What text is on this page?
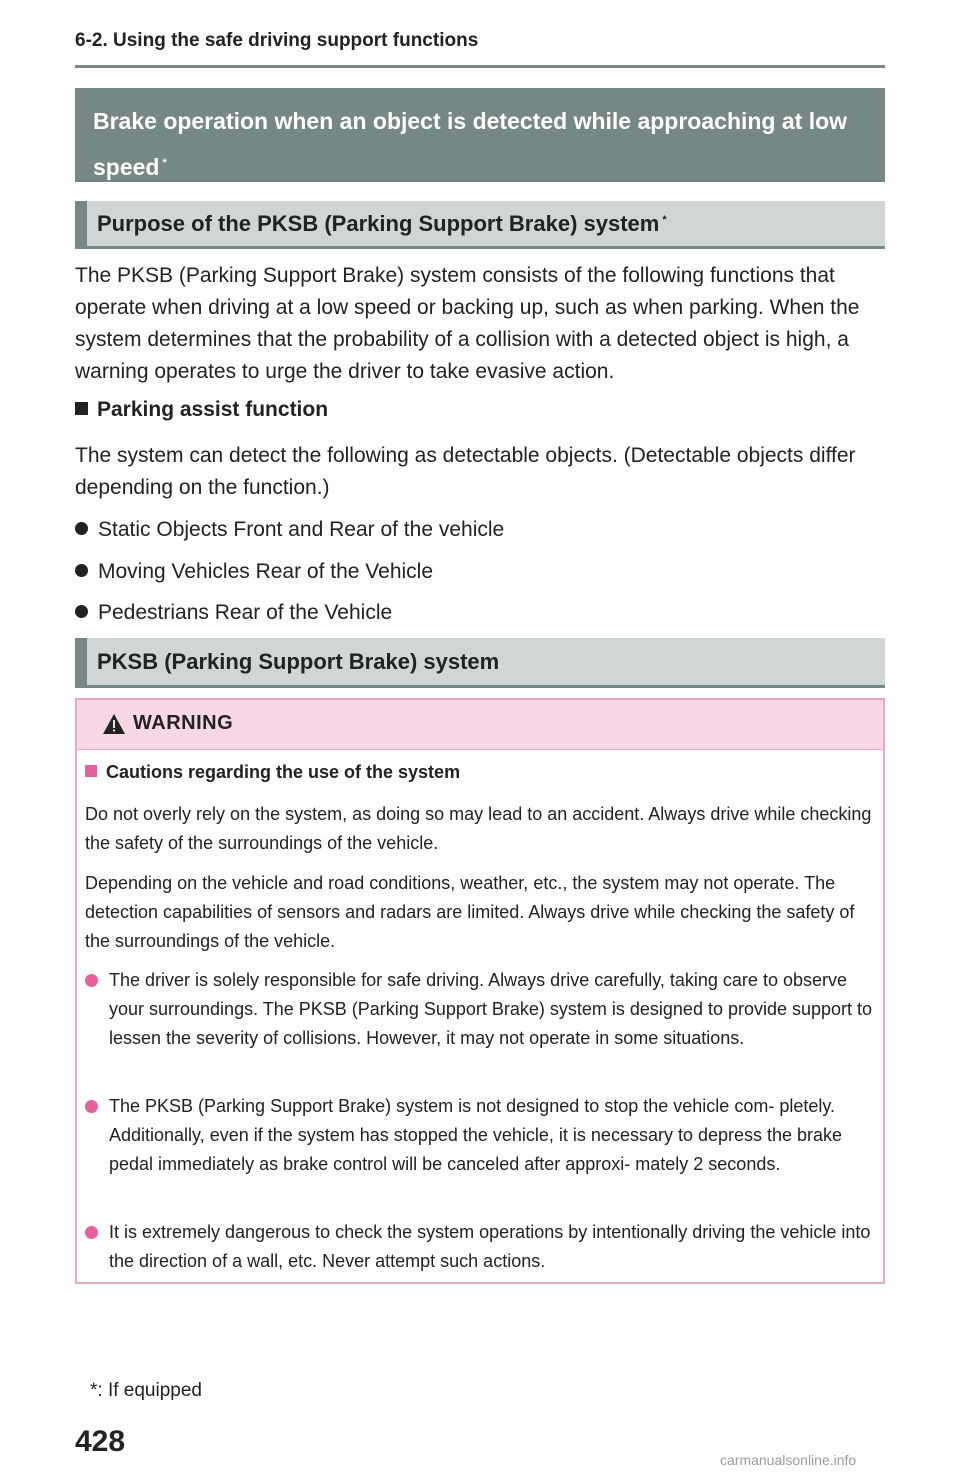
6-2. Using the safe driving support functions
Brake operation when an object is detected while approaching at low
speed *
Purpose of the PKSB (Parking Support Brake) system *

The PKSB (Parking Support Brake) system consists of the following functions that operate when driving at a low speed or backing up, such as when parking. When the system determines that the probability of a collision with a detected object is high, a warning operates to urge the driver to take evasive action.

Parking assist function

The system can detect the following as detectable objects. (Detectable objects differ depending on the function.)

Static Objects Front and Rear of the vehicle
Moving Vehicles Rear of the Vehicle
Pedestrians Rear of the Vehicle
PKSB (Parking Support Brake) system
WARNING
Cautions regarding the use of the system

Do not overly rely on the system, as doing so may lead to an accident. Always drive while checking the safety of the surroundings of the vehicle.

Depending on the vehicle and road conditions, weather, etc., the system may not operate. The detection capabilities of sensors and radars are limited. Always drive while checking the safety of the surroundings of the vehicle.

The driver is solely responsible for safe driving. Always drive carefully, taking care to observe your surroundings. The PKSB (Parking Support Brake) system is designed to provide support to lessen the severity of collisions. However, it may not operate in some situations.
The PKSB (Parking Support Brake) system is not designed to stop the vehicle com- pletely. Additionally, even if the system has stopped the vehicle, it is necessary to depress the brake pedal immediately as brake control will be canceled after approxi- mately 2 seconds.
It is extremely dangerous to check the system operations by intentionally driving the vehicle into the direction of a wall, etc. Never attempt such actions.
*: If equipped
428
carmanualsonline.info
